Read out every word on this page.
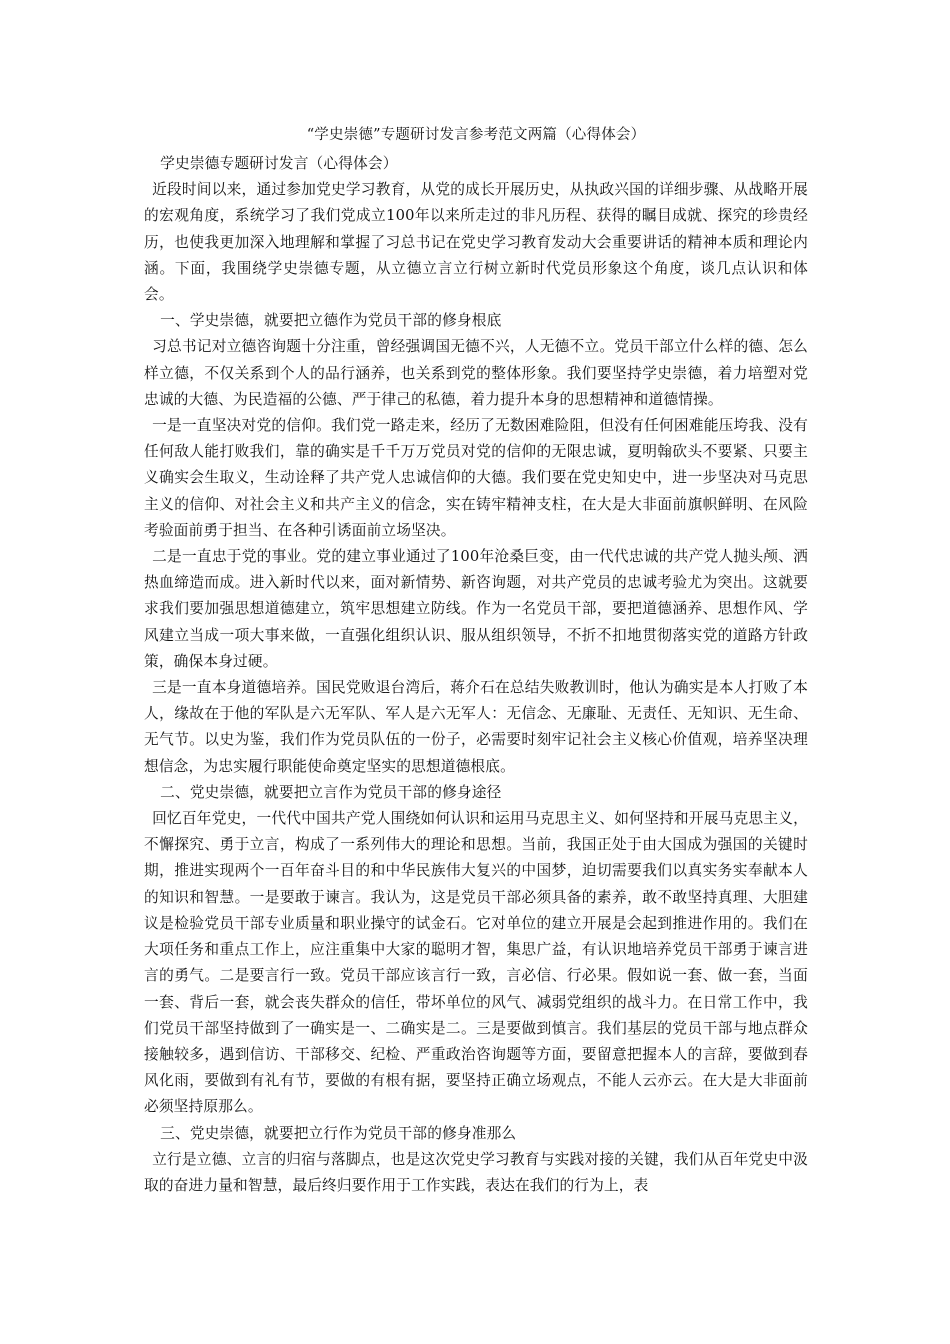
“学史崇德”专题研讨发言参考范文两篇（心得体会）

学史崇德专题研讨发言（心得体会）

近段时间以来，通过参加党史学习教育，从党的成长开展历史，从执政兴国的详细步骤、从战略开展的宏观角度，系统学习了我们党成立100年以来所走过的非凡历程、获得的瞩目成就、探究的珍贵经历，也使我更加深入地理解和掌握了习总书记在党史学习教育发动大会重要讲话的精神本质和理论内涵。下面，我围绕学史崇德专题，从立德立言立行树立新时代党员形象这个角度，谈几点认识和体会。

一、学史崇德，就要把立德作为党员干部的修身根底

习总书记对立德咨询题十分注重，曾经强调国无德不兴，人无德不立。党员干部立什么样的德、怎么样立德，不仅关系到个人的品行涵养，也关系到党的整体形象。我们要坚持学史崇德，着力培塑对党忠诚的大德、为民造福的公德、严于律己的私德，着力提升本身的思想精神和道德情操。

一是一直坚决对党的信仰。我们党一路走来，经历了无数困难险阻，但没有任何困难能压垮我、没有任何敌人能打败我们，靠的确实是千千万万党员对党的信仰的无限忠诚，夏明翰砍头不要紧、只要主义确实会生取义，生动诠释了共产党人忠诚信仰的大德。我们要在党史知史中，进一步坚决对马克思主义的信仰、对社会主义和共产主义的信念，实在铸牢精神支柱，在大是大非面前旗帜鲜明、在风险考验面前勇于担当、在各种引诱面前立场坚决。

二是一直忠于党的事业。党的建立事业通过了100年沧桑巨变，由一代代忠诚的共产党人抛头颅、洒热血缔造而成。进入新时代以来，面对新情势、新咨询题，对共产党员的忠诚考验尤为突出。这就要求我们要加强思想道德建立，筑牢思想建立防线。作为一名党员干部，要把道德涵养、思想作风、学风建立当成一项大事来做，一直强化组织认识、服从组织领导，不折不扣地贯彻落实党的道路方针政策，确保本身过硬。

三是一直本身道德培养。国民党败退台湾后，蒋介石在总结失败教训时，他认为确实是本人打败了本人，缘故在于他的军队是六无军队、军人是六无军人：无信念、无廉耻、无责任、无知识、无生命、无气节。以史为鉴，我们作为党员队伍的一份子，必需要时刻牢记社会主义核心价值观，培养坚决理想信念，为忠实履行职能使命奠定坚实的思想道德根底。

二、党史崇德，就要把立言作为党员干部的修身途径

回忆百年党史，一代代中国共产党人围绕如何认识和运用马克思主义、如何坚持和开展马克思主义，不懈探究、勇于立言，构成了一系列伟大的理论和思想。当前，我国正处于由大国成为强国的关键时期，推进实现两个一百年奋斗目的和中华民族伟大复兴的中国梦，迫切需要我们以真实务实奉献本人的知识和智慧。一是要敢于谏言。我认为，这是党员干部必须具备的素养，敢不敢坚持真理、大胆建议是检验党员干部专业质量和职业操守的试金石。它对单位的建立开展是会起到推进作用的。我们在大项任务和重点工作上，应注重集中大家的聪明才智，集思广益，有认识地培养党员干部勇于谏言进言的勇气。二是要言行一致。党员干部应该言行一致，言必信、行必果。假如说一套、做一套，当面一套、背后一套，就会丧失群众的信任，带坏单位的风气、减弱党组织的战斗力。在日常工作中，我们党员干部坚持做到了一确实是一、二确实是二。三是要做到慎言。我们基层的党员干部与地点群众接触较多，遇到信访、干部移交、纪检、严重政治咨询题等方面，要留意把握本人的言辞，要做到春风化雨，要做到有礼有节，要做的有根有据，要坚持正确立场观点，不能人云亦云。在大是大非面前必须坚持原那么。

三、党史崇德，就要把立行作为党员干部的修身准那么

立行是立德、立言的归宿与落脚点，也是这次党史学习教育与实践对接的关键，我们从百年党史中汲取的奋进力量和智慧，最后终归要作用于工作实践，表达在我们的行为上，表
